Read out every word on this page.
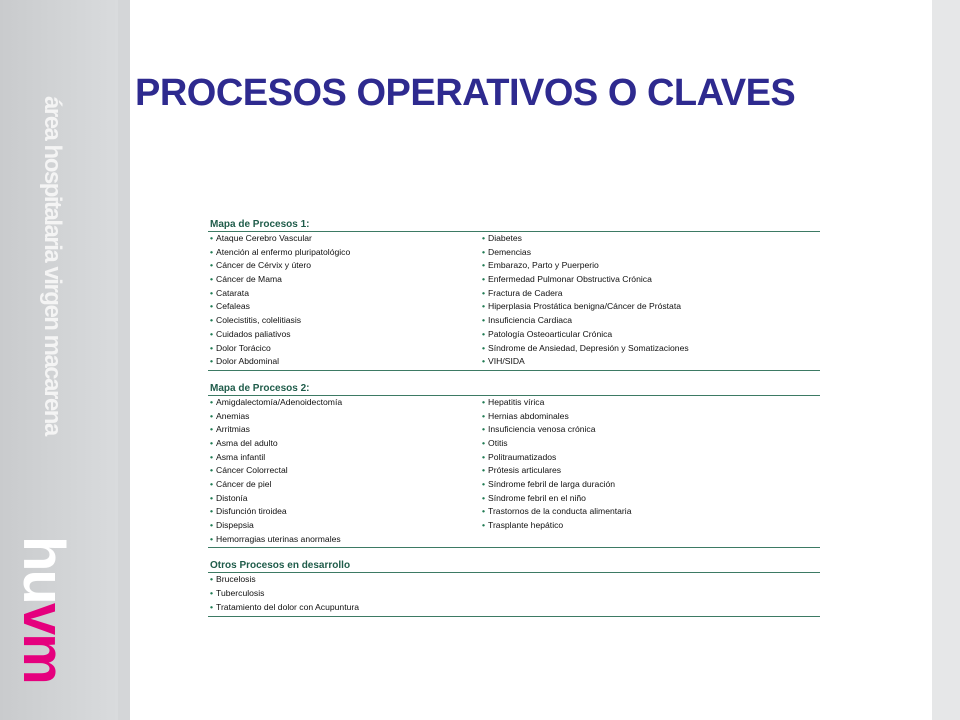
área hospitalaria virgen macarena
huvm
PROCESOS OPERATIVOS O CLAVES
Mapa de Procesos 1:
• Ataque Cerebro Vascular	• Diabetes
• Atención al enfermo pluripatológico	• Demencias
• Cáncer de Cérvix y útero	• Embarazo, Parto y Puerperio
• Cáncer de Mama	• Enfermedad Pulmonar Obstructiva Crónica
• Catarata	• Fractura de Cadera
• Cefaleas	• Hiperplasia Prostática benigna/Cáncer de Próstata
• Colecistitis, colelitiasis	• Insuficiencia Cardiaca
• Cuidados paliativos	• Patología Osteoarticular Crónica
• Dolor Torácico	• Síndrome de Ansiedad, Depresión y Somatizaciones
• Dolor Abdominal	• VIH/SIDA
Mapa de Procesos 2:
• Amigdalectomía/Adenoidectomía	• Hepatitis vírica
• Anemias	• Hernias abdominales
• Arritmias	• Insuficiencia venosa crónica
• Asma del adulto	• Otitis
• Asma infantil	• Politraumatizados
• Cáncer Colorrectal	• Prótesis articulares
• Cáncer de piel	• Síndrome febril de larga duración
• Distonía	• Síndrome febril en el niño
• Disfunción tiroidea	• Trastornos de la conducta alimentaria
• Dispepsia	• Trasplante hepático
• Hemorragias uterinas anormales
Otros Procesos en desarrollo
• Brucelosis
• Tuberculosis
• Tratamiento del dolor con Acupuntura
